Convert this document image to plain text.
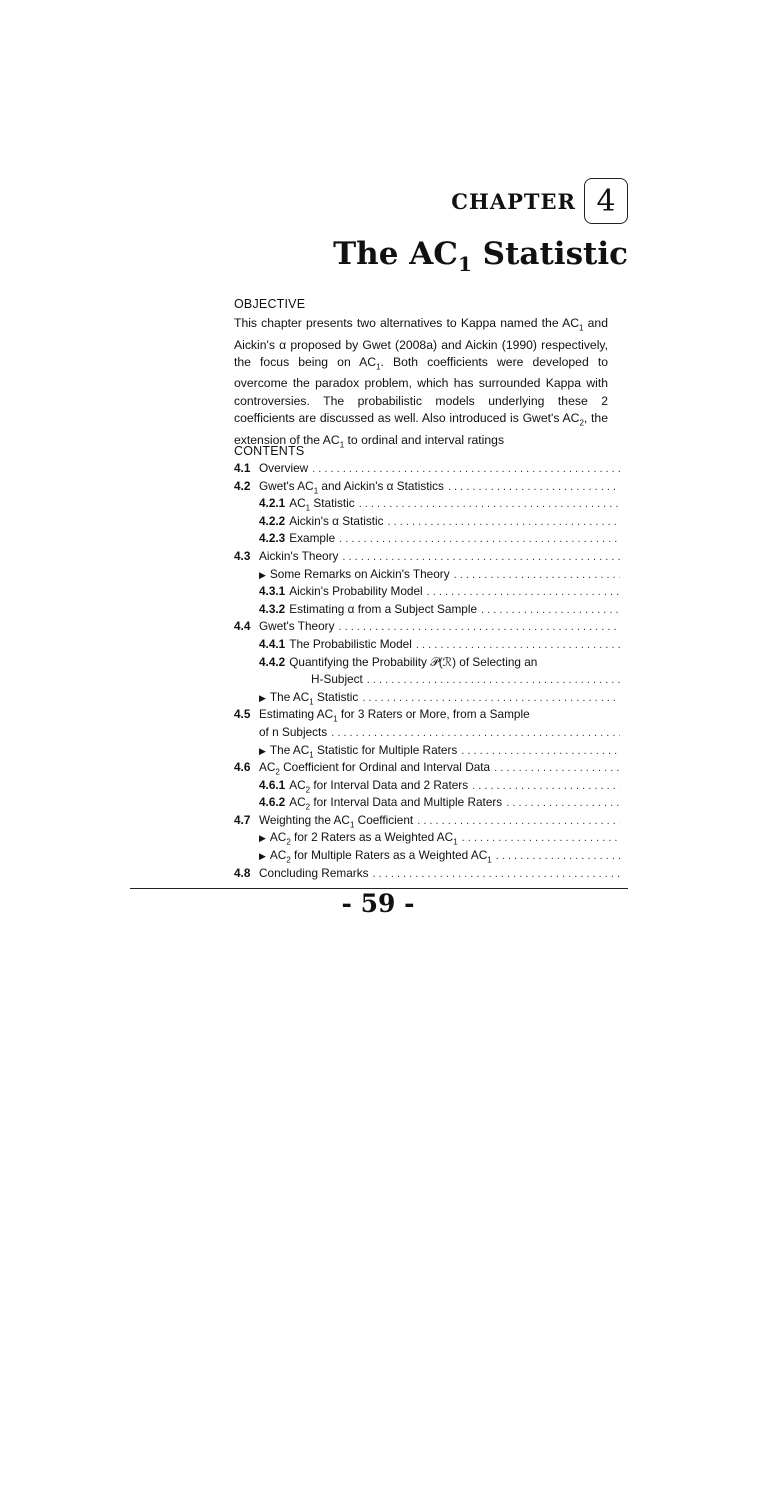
CHAPTER 4
The $AC_1$ Statistic
OBJECTIVE
This chapter presents two alternatives to Kappa named the $AC_1$ and Aickin's α proposed by Gwet (2008a) and Aickin (1990) respectively, the focus being on $AC_1$. Both coefficients were developed to overcome the paradox problem, which has surrounded Kappa with controversies. The probabilistic models underlying these 2 coefficients are discussed as well. Also introduced is Gwet's $AC_2$, the extension of the $AC_1$ to ordinal and interval ratings
CONTENTS
4.1 Overview
. . .
4.2 Gwet's $AC_1$ and Aickin's α Statistics
. . .
4.2.1 $AC_1$ Statistic
. . .
4.2.2 Aickin's α Statistic
. . .
4.2.3 Example
. . .
4.3 Aickin's Theory
. . .
▶ Some Remarks on Aickin's Theory
. . .
4.3.1 Aickin's Probability Model
. . .
4.3.2 Estimating α from a Subject Sample
. . .
4.4 Gwet's Theory
. . .
4.4.1 The Probabilistic Model
. . .
4.4.2 Quantifying the Probability 𝒫(ℛ) of Selecting an
H-Subject
. . .
▶ The $AC_1$ Statistic
. . .
4.5 Estimating $AC_1$ for 3 Raters or More, from a Sample
of n Subjects
. . .
▶ The $AC_1$ Statistic for Multiple Raters
. . .
4.6 $AC_2$ Coefficient for Ordinal and Interval Data
. . .
4.6.1 $AC_2$ for Interval Data and 2 Raters
. . .
4.6.2 $AC_2$ for Interval Data and Multiple Raters
. . .
4.7 Weighting the $AC_1$ Coefficient
. . .
▶ $AC_2$ for 2 Raters as a Weighted $AC_1$
. . .
▶ $AC_2$ for Multiple Raters as a Weighted $AC_1$
. . .
4.8 Concluding Remarks
. . .
- 59 -
